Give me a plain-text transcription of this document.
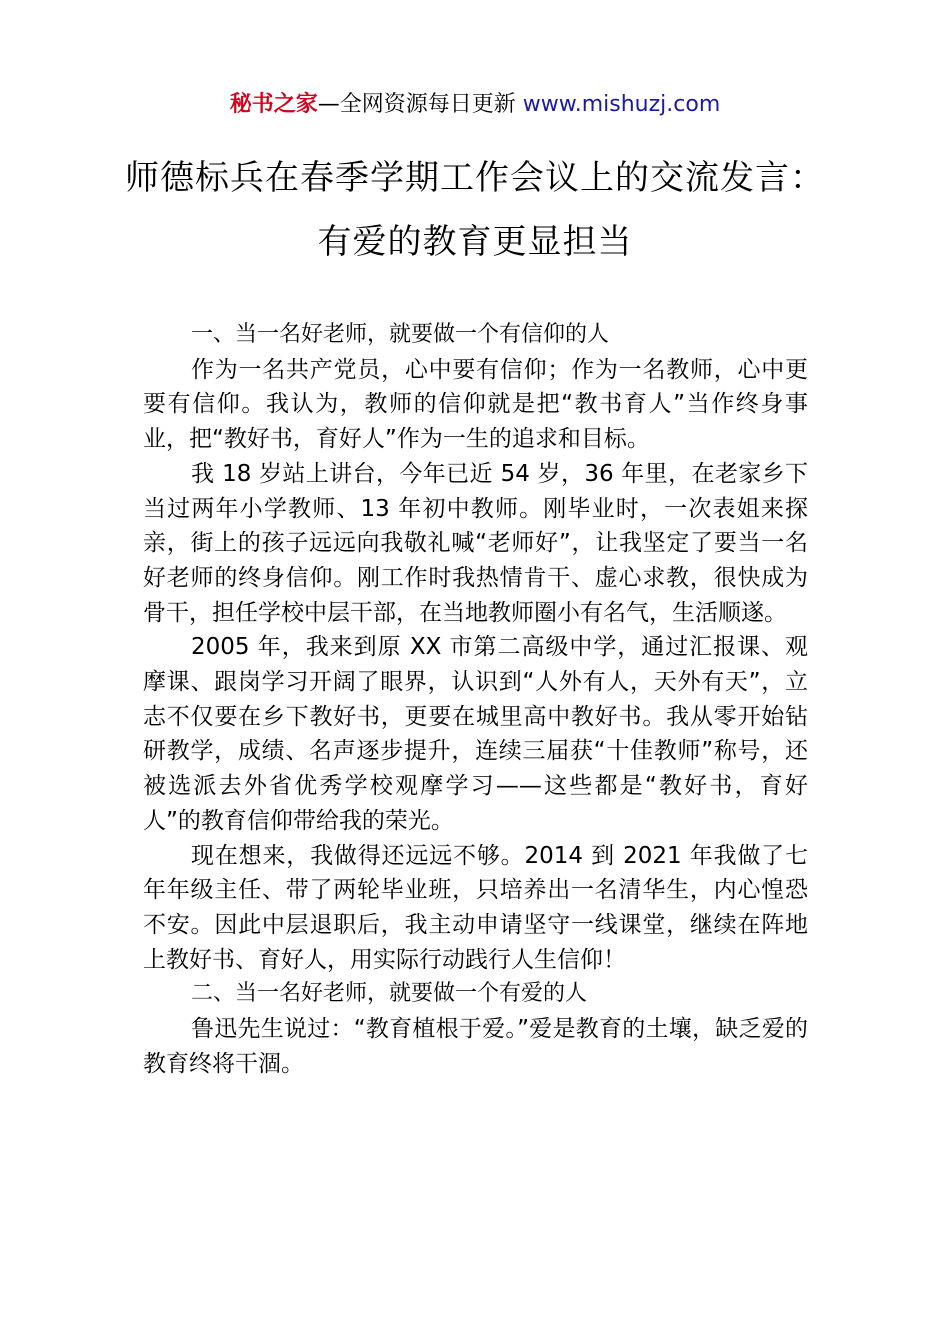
秘书之家—全网资源每日更新 www.mishuzj.com
师德标兵在春季学期工作会议上的交流发言：有爱的教育更显担当

一、当一名好老师，就要做一个有信仰的人

作为一名共产党员，心中要有信仰；作为一名教师，心中更要有信仰。我认为，教师的信仰就是把“教书育人”当作终身事业，把“教好书，育好人”作为一生的追求和目标。

我 18 岁站上讲台，今年已近 54 岁，36 年里，在老家乡下当过两年小学教师、13 年初中教师。刚毕业时，一次表姐来探亲，街上的孩子远远向我敬礼喊“老师好”，让我坚定了要当一名好老师的终身信仰。刚工作时我热情肯干、虚心求教，很快成为骨干，担任学校中层干部，在当地教师圈小有名气，生活顺遂。

2005 年，我来到原 XX 市第二高级中学，通过汇报课、观摩课、跟岗学习开阔了眼界，认识到“人外有人，天外有天”，立志不仅要在乡下教好书，更要在城里高中教好书。我从零开始钻研教学，成绩、名声逐步提升，连续三届获“十佳教师”称号，还被选派去外省优秀学校观摩学习——这些都是“教好书，育好人”的教育信仰带给我的荣光。

现在想来，我做得还远远不够。2014 到 2021 年我做了七年年级主任、带了两轮毕业班，只培养出一名清华生，内心惶恐不安。因此中层退职后，我主动申请坚守一线课堂，继续在阵地上教好书、育好人，用实际行动践行人生信仰！

二、当一名好老师，就要做一个有爱的人

鲁迅先生说过：“教育植根于爱。”爱是教育的土壤，缺乏爱的教育终将干涸。
